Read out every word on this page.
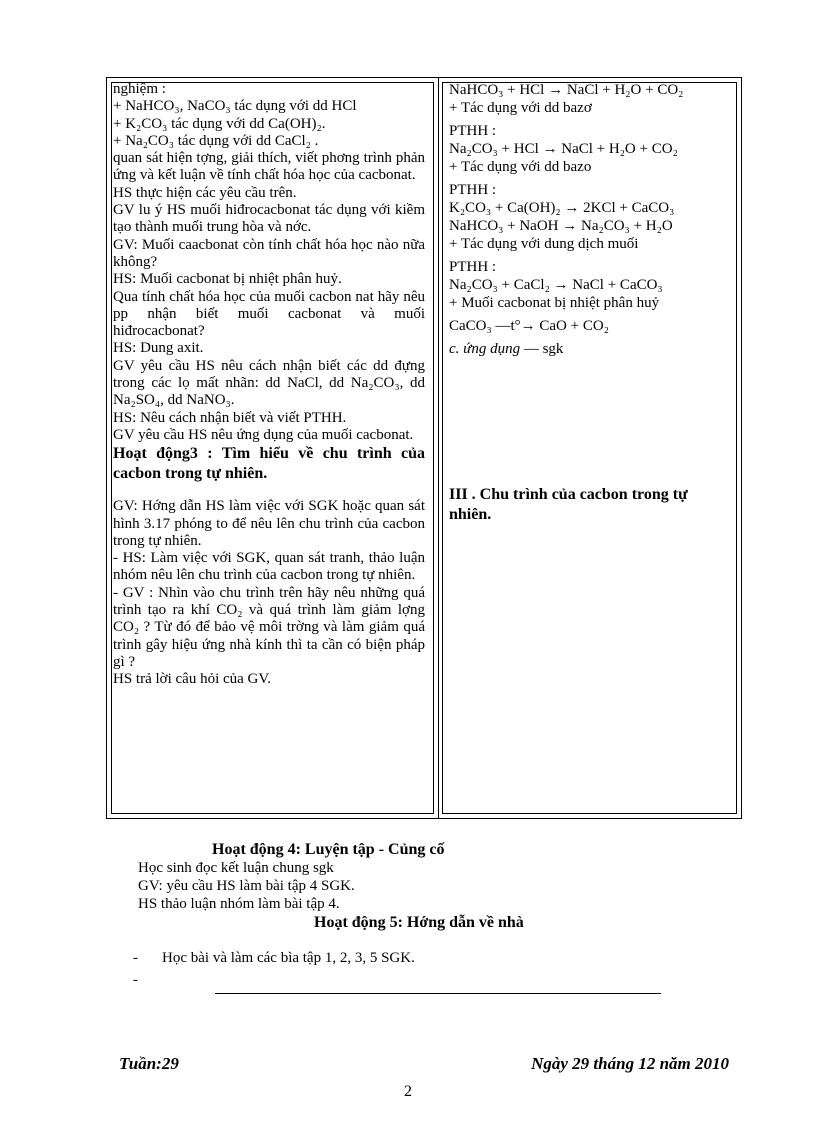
nghiệm :

+ NaHCO₃, NaCO₃ tác dụng với dd HCl

+ K₂CO₃ tác dụng với dd Ca(OH)₂.

+ Na₂CO₃ tác dụng với dd CaCl₂ .

quan sát hiện tợng, giải thích, viết phơng trình phản ứng và kết luận về tính chất hóa học của cacbonat.

HS thực hiện các yêu cầu trên.

GV lu ý HS muối hiđrocacbonat tác dụng với kiềm tạo thành muối trung hòa và nớc.

GV: Muối caacbonat còn tính chất hóa học nào nữa không?

HS: Muối cacbonat bị nhiệt phân huỷ.

Qua tính chất hóa học của muối cacbon nat hãy nêu pp nhận biết muối cacbonat và muối hiđrocacbonat?

HS: Dung axit.

GV yêu cầu HS nêu cách nhận biết các dd đựng trong các lọ mất nhãn: dd NaCl, dd Na₂CO₃, dd Na₂SO₄, dd NaNO₃.

HS: Nêu cách nhận biết và viết PTHH.

GV yêu cầu HS nêu ứng dụng của muối cacbonat.

Hoạt động3 : Tìm hiểu về chu trình của cacbon trong tự nhiên.

GV: Hớng dẫn HS làm việc với SGK hoặc quan sát hình 3.17 phóng to để nêu lên chu trình của cacbon trong tự nhiên.

- HS: Làm việc với SGK, quan sát tranh, thảo luận nhóm nêu lên chu trình của cacbon trong tự nhiên.

- GV : Nhìn vào chu trình trên hãy nêu những quá trình tạo ra khí CO₂ và quá trình làm giảm lợng CO₂ ? Từ đó để bảo vệ môi trờng và làm giảm quá trình gây hiệu ứng nhà kính thì ta cần có biện pháp gì ?

HS trả lời câu hỏi của GV.

NaHCO₃ + HCl → NaCl + H₂O + CO₂

+ Tác dụng với dd bazơ

PTHH :

Na₂CO₃ + HCl → NaCl + H₂O + CO₂

+ Tác dụng với dd bazo

PTHH :

K₂CO₃ + Ca(OH)₂ → 2KCl + CaCO₃

NaHCO₃ + NaOH → Na₂CO₃ + H₂O

+ Tác dụng với dung dịch muối

PTHH :

Na₂CO₃ + CaCl₂ → NaCl + CaCO₃

+ Muối cacbonat bị nhiệt phân huỷ

CaCO₃ —t°→ CaO + CO₂

c. ứng dụng — sgk

III . Chu trình của cacbon trong tự nhiên.
Hoạt động 4: Luyện tập - Củng cố
Học sinh đọc kết luận chung sgk
GV: yêu cầu HS làm bài tập 4 SGK.
HS thảo luận nhóm làm bài tập 4.
Hoạt động 5: Hớng dẫn về nhà
- Học bài và làm các bìa tập 1, 2, 3, 5 SGK.
-
Tuần:29	Ngày 29 tháng 12 năm 2010
2
